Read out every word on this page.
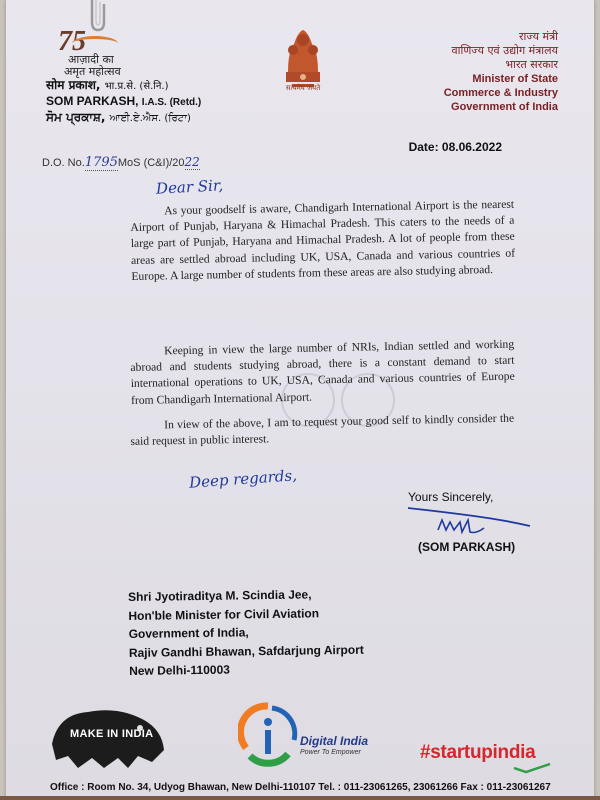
75
आज़ादी का
अमृत महोत्सव
सोम प्रकाश, भा.प्र.से. (से.नि.)
SOM PARKASH, I.A.S. (Retd.)
ਸੋਮ ਪ੍ਰਕਾਸ਼, ਆਈ.ਏ.ਐਸ. (ਰਿਟਾ)
सत्यमेव जयते
राज्य मंत्री
वाणिज्य एवं उद्योग मंत्रालय
भारत सरकार
Minister of State
Commerce & Industry
Government of India
Date: 08.06.2022
D.O. No.1795MoS (C&I)/2022
Dear Sir,
As your goodself is aware, Chandigarh International Airport is the nearest Airport of Punjab, Haryana & Himachal Pradesh. This caters to the needs of a large part of Punjab, Haryana and Himachal Pradesh. A lot of people from these areas are settled abroad including UK, USA, Canada and various countries of Europe. A large number of students from these areas are also studying abroad.
Keeping in view the large number of NRIs, Indian settled and working abroad and students studying abroad, there is a constant demand to start international operations to UK, USA, Canada and various countries of Europe from Chandigarh International Airport.
In view of the above, I am to request your good self to kindly consider the said request in public interest.
Deep regards,
Yours Sincerely,
(SOM PARKASH)
Shri Jyotiraditya M. Scindia Jee,
Hon'ble Minister for Civil Aviation
Government of India,
Rajiv Gandhi Bhawan, Safdarjung Airport
New Delhi-110003
MAKE IN INDIA	Digital India
Power To Empower	#startupindia
Office : Room No. 34, Udyog Bhawan, New Delhi-110107 Tel. : 011-23061265, 23061266 Fax : 011-23061267
